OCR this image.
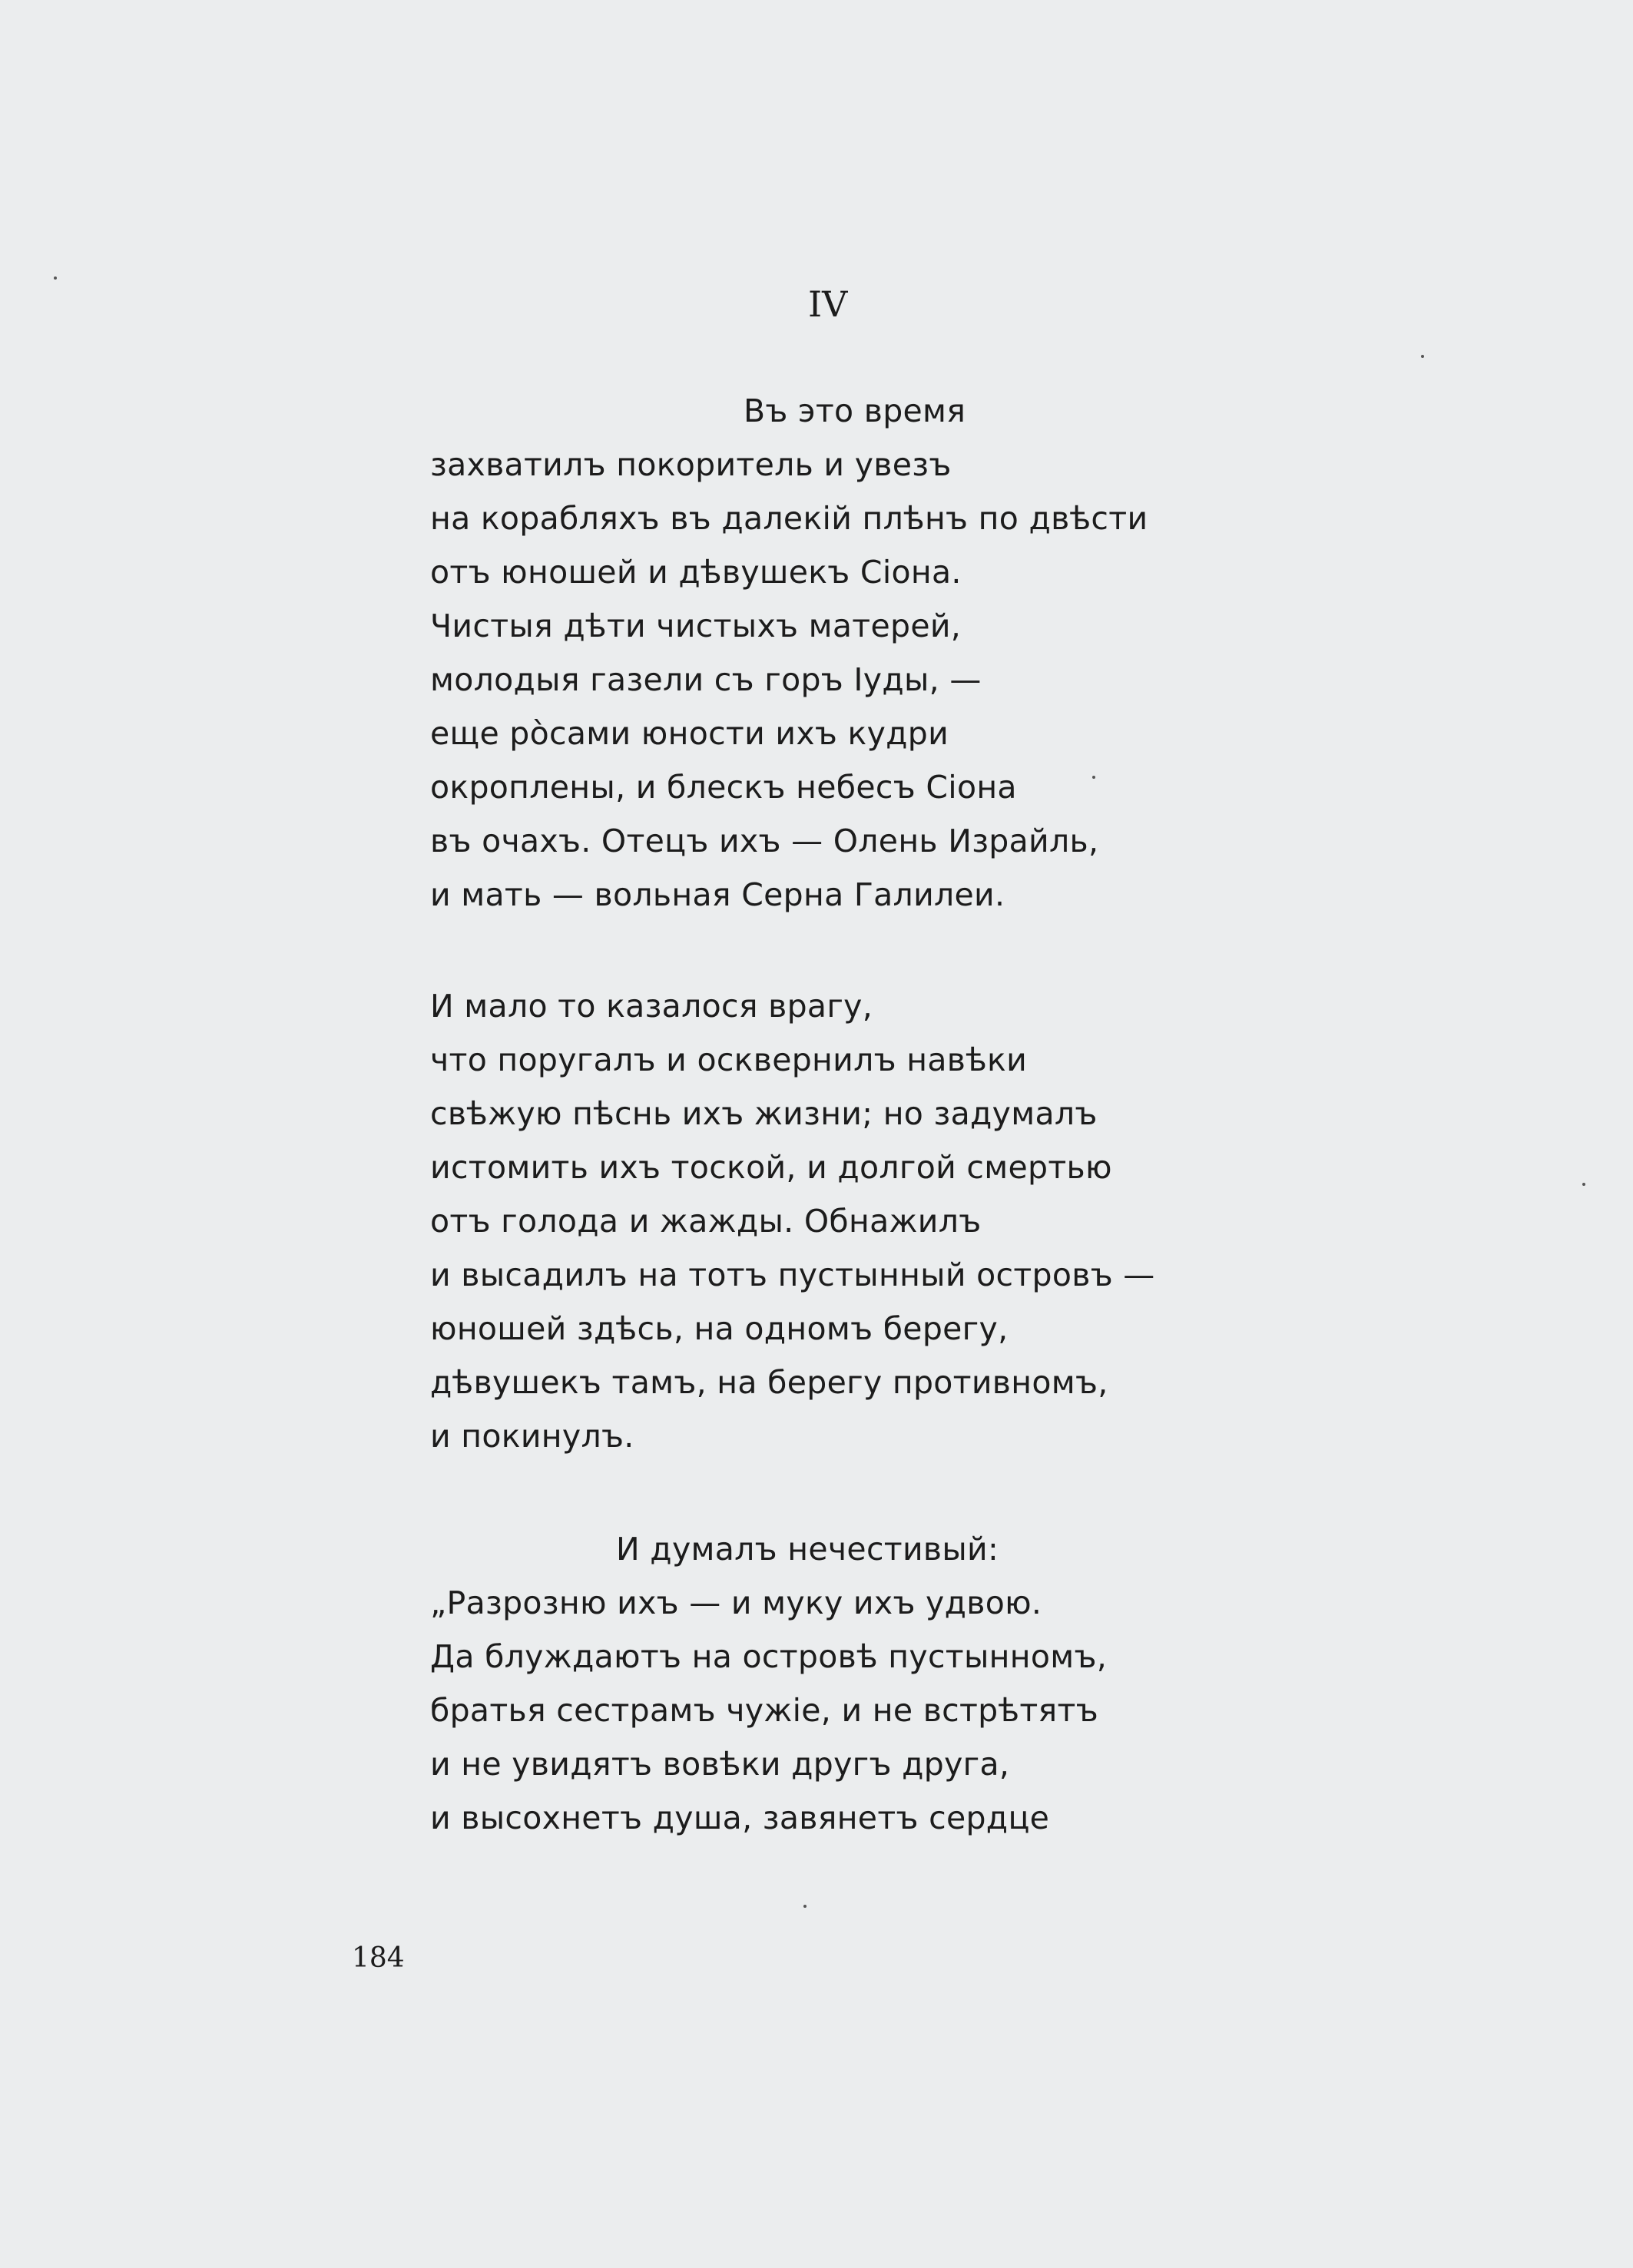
IV
Въ это время
захватилъ покоритель и увезъ
на корабляхъ въ далекій плѣнъ по двѣсти
отъ юношей и дѣвушекъ Сіона.
Чистыя дѣти чистыхъ матерей,
молодыя газели съ горъ Іуды, —
еще рòсами юности ихъ кудри
окроплены, и блескъ небесъ Сіона
въ очахъ. Отецъ ихъ — Олень Израйль,
и мать — вольная Серна Галилеи.
И мало то казалося врагу,
что поругалъ и осквернилъ навѣки
свѣжую пѣснь ихъ жизни; но задумалъ
истомить ихъ тоской, и долгой смертью
отъ голода и жажды. Обнажилъ
и высадилъ на тотъ пустынный островъ —
юношей здѣсь, на одномъ берегу,
дѣвушекъ тамъ, на берегу противномъ,
и покинулъ.
И думалъ нечестивый:
„Разрозню ихъ — и муку ихъ удвою.
Да блуждаютъ на островѣ пустынномъ,
братья сестрамъ чужіе, и не встрѣтятъ
и не увидятъ вовѣки другъ друга,
и высохнетъ душа, завянетъ сердце

184
